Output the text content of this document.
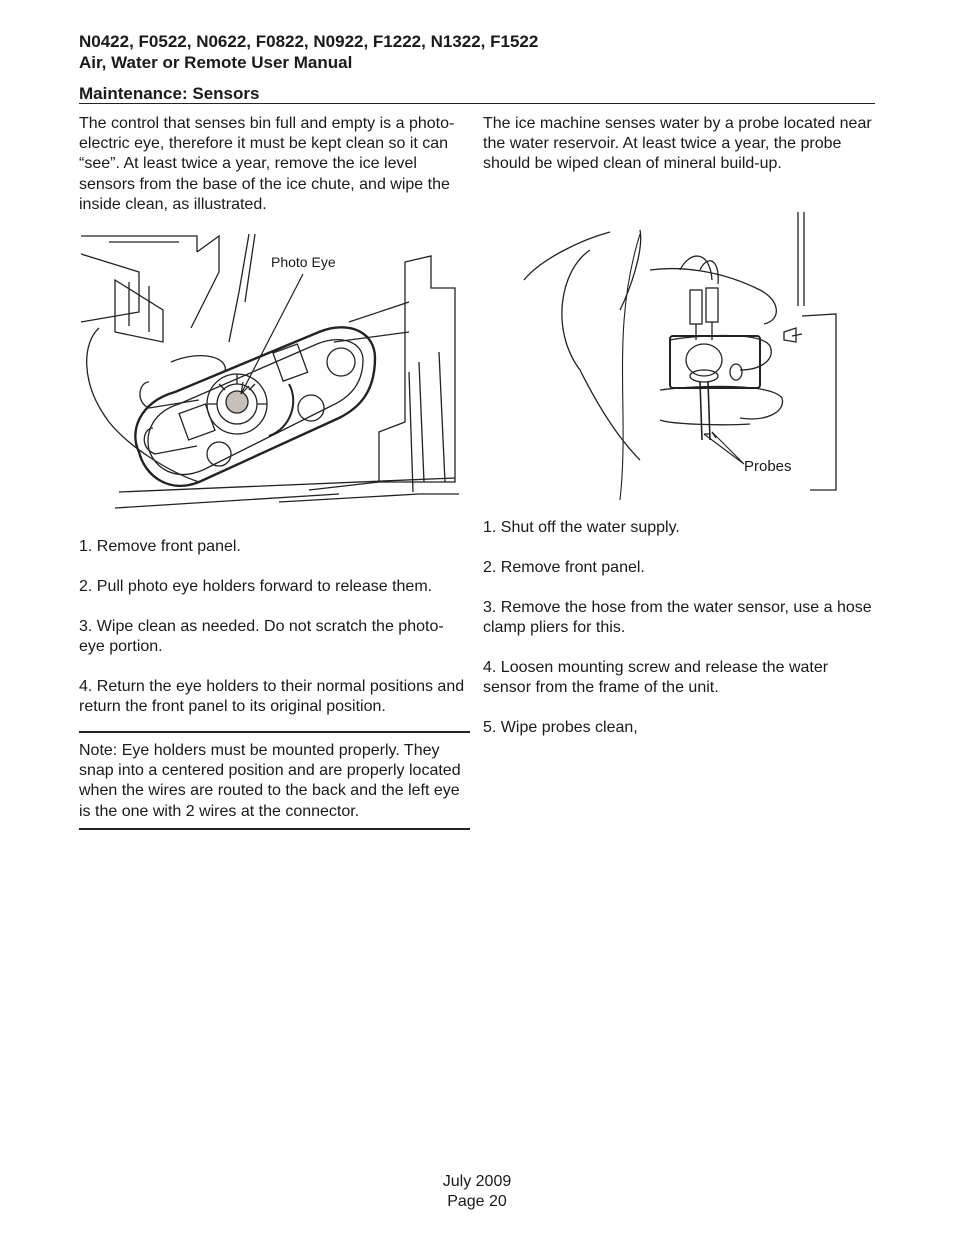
N0422, F0522, N0622, F0822, N0922, F1222, N1322, F1522
Air, Water or Remote User Manual
Maintenance: Sensors

The control that senses bin full and empty is a photo-electric eye, therefore it must be kept clean so it can “see”. At least twice a year, remove the ice level sensors from the base of the ice chute, and wipe the inside clean, as illustrated.

Photo Eye

1. Remove front panel.

2. Pull photo eye holders forward to release them.

3. Wipe clean as needed. Do not scratch the photo-eye portion.

4. Return the eye holders to their normal positions and return the front panel to its original position.

Note: Eye holders must be mounted properly. They snap into a centered position and are properly located when the wires are routed to the back and the left eye is the one with 2 wires at the connector.

The ice machine senses water by a probe located near the water reservoir. At least twice a year, the probe should be wiped clean of mineral build-up.

Probes

1. Shut off the water supply.

2. Remove front panel.

3. Remove the hose from the water sensor, use a hose clamp pliers for this.

4. Loosen mounting screw and release the water sensor from the frame of the unit.

5. Wipe probes clean,

July 2009
Page 20
